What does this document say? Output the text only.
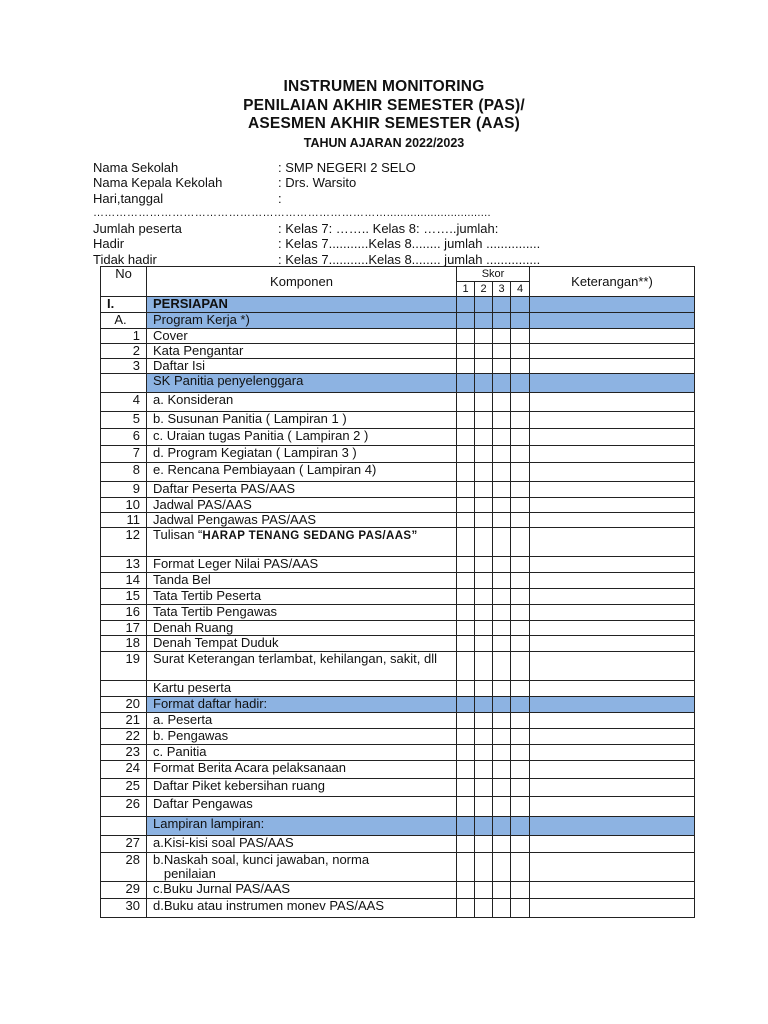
INSTRUMEN MONITORING
PENILAIAN AKHIR SEMESTER (PAS)/
ASESMEN AKHIR SEMESTER (AAS)
TAHUN AJARAN 2022/2023
Nama Sekolah	: SMP NEGERI 2 SELO
Nama Kepala Kekolah	: Drs. Warsito
Hari,tanggal	:
……………………………………………………………………...............................
Jumlah peserta	: Kelas 7: …….. Kelas 8: ……..jumlah:
Hadir	: Kelas 7...........Kelas 8........ jumlah ...............
Tidak hadir	: Kelas 7...........Kelas 8........ jumlah ...............
No	Komponen	Skor				Keterangan**)
		1	2	3	4	
I.	PERSIAPAN					
A.	Program Kerja *)					
1	Cover					
2	Kata Pengantar					
3	Daftar Isi					
	SK Panitia penyelenggara					
4	a. Konsideran					
5	b. Susunan Panitia ( Lampiran 1 )					
6	c. Uraian tugas Panitia ( Lampiran 2 )					
7	d. Program Kegiatan ( Lampiran 3 )					
8	e. Rencana Pembiayaan ( Lampiran 4)					
9	Daftar Peserta PAS/AAS					
10	Jadwal PAS/AAS					
11	Jadwal Pengawas PAS/AAS					
12	Tulisan “HARAP TENANG SEDANG PAS/AAS”					
13	Format Leger Nilai PAS/AAS					
14	Tanda Bel					
15	Tata Tertib Peserta					
16	Tata Tertib Pengawas					
17	Denah Ruang					
18	Denah Tempat Duduk					
19	Surat Keterangan terlambat, kehilangan, sakit, dll					
	Kartu peserta					
20	Format daftar hadir:					
21	a. Peserta					
22	b. Pengawas					
23	c. Panitia					
24	Format Berita Acara pelaksanaan					
25	Daftar Piket kebersihan ruang					
26	Daftar Pengawas					
	Lampiran lampiran:					
27	a.Kisi-kisi soal PAS/AAS					
28	b.Naskah soal, kunci jawaban, norma
penilaian					
29	c.Buku Jurnal PAS/AAS					
30	d.Buku atau instrumen monev PAS/AAS					
